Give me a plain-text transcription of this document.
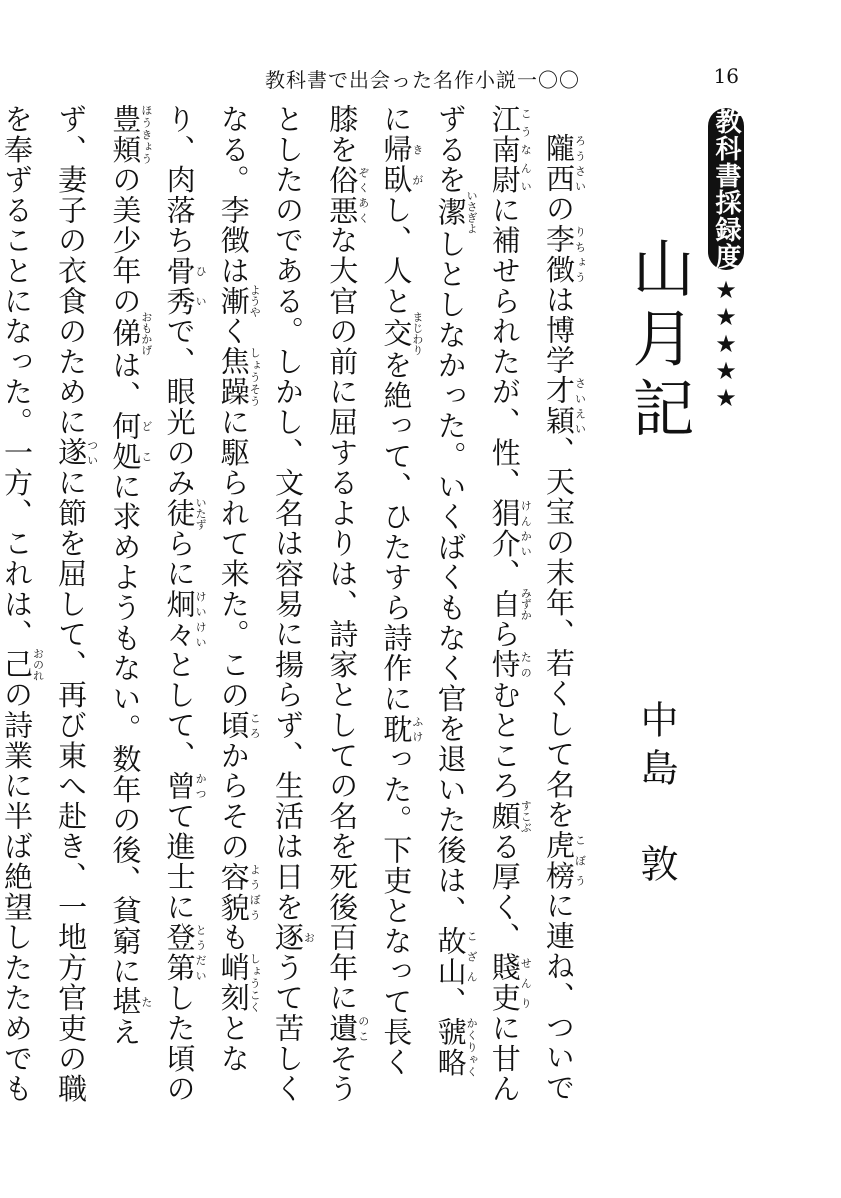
教科書で出会った名作小説一〇〇	16
教科書採録度
★★★★★
山月記
中島　敦

隴西ろうさいの李徴りちょうは博学才穎さいえい、天宝の末年、若くして名を虎榜こぼうに連ね、ついで江南尉こうなんいに補せられたが、性、狷介けんかい、自みずから恃たのむところ頗すこぶる厚く、賤吏せんりに甘んずるを潔いさぎよしとしなかった。いくばくもなく官を退いた後は、故山こざん、虢略かくりゃくに帰臥きがし、人と交まじわりを絶って、ひたすら詩作に耽ふけった。下吏となって長く膝を俗悪ぞくあくな大官の前に屈するよりは、詩家としての名を死後百年に遺のこそうとしたのである。しかし、文名は容易に揚らず、生活は日を逐おうて苦しくなる。李徴は漸ようやく焦躁しょうそうに駆られて来た。この頃ころからその容貌ようぼうも峭刻しょうこくとなり、肉落ち骨秀ひいで、眼光のみ徒いたずらに炯々けいけいとして、曾かつて進士に登第とうだいした頃の豊頬ほうきょうの美少年の俤おもかげは、何処どこに求めようもない。数年の後、貧窮に堪たえず、妻子の衣食のために遂ついに節を屈して、再び東へ赴き、一地方官吏の職を奉ずることになった。一方、これは、己おのれの詩業に半ば絶望したためでも
